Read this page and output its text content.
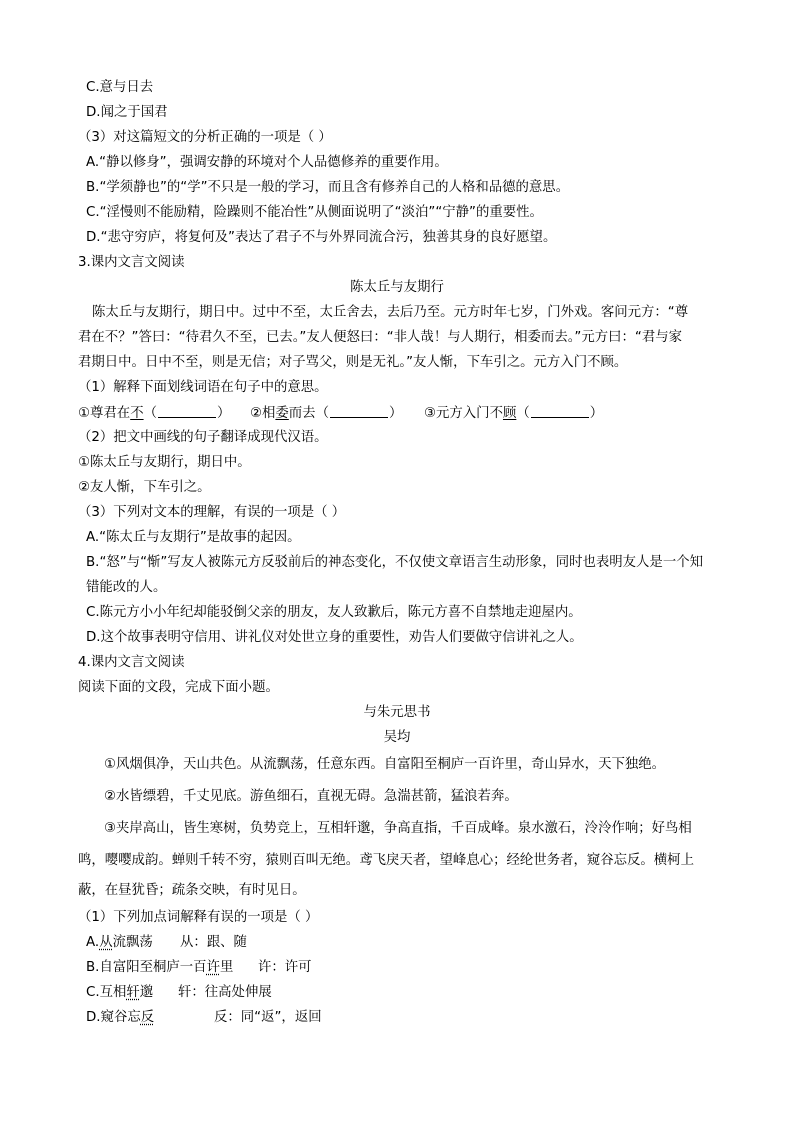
C.意与日去
D.闻之于国君
（3）对这篇短文的分析正确的一项是（ ）
A.“静以修身”，强调安静的环境对个人品德修养的重要作用。
B.“学须静也”的“学”不只是一般的学习，而且含有修养自己的人格和品德的意思。
C.“淫慢则不能励精，险躁则不能冶性”从侧面说明了“淡泊”“宁静”的重要性。
D.“悲守穷庐，将复何及”表达了君子不与外界同流合污，独善其身的良好愿望。
3.课内文言文阅读
陈太丘与友期行
陈太丘与友期行，期日中。过中不至，太丘舍去，去后乃至。元方时年七岁，门外戏。客问元方：“尊
君在不？”答曰：“待君久不至，已去。”友人便怒曰：“非人哉！与人期行，相委而去。”元方曰：“君与家
君期日中。日中不至，则是无信；对子骂父，则是无礼。”友人惭，下车引之。元方入门不顾。
（1）解释下面划线词语在句子中的意思。
①尊君在不（	） ②相委而去（	） ③元方入门不顾（	）
（2）把文中画线的句子翻译成现代汉语。
①陈太丘与友期行，期日中。
②友人惭，下车引之。
（3）下列对文本的理解，有误的一项是（ ）
A.“陈太丘与友期行”是故事的起因。
B.“怒”与“惭”写友人被陈元方反驳前后的神态变化，不仅使文章语言生动形象，同时也表明友人是一个知
错能改的人。
C.陈元方小小年纪却能驳倒父亲的朋友，友人致歉后，陈元方喜不自禁地走迎屋内。
D.这个故事表明守信用、讲礼仪对处世立身的重要性，劝告人们要做守信讲礼之人。
4.课内文言文阅读
阅读下面的文段，完成下面小题。
与朱元思书
吴均
①风烟俱净，天山共色。从流飘荡，任意东西。自富阳至桐庐一百许里，奇山异水，天下独绝。
②水皆缥碧，千丈见底。游鱼细石，直视无碍。急湍甚箭，猛浪若奔。
③夹岸高山，皆生寒树，负势竞上，互相轩邈，争高直指，千百成峰。泉水激石，泠泠作响；好鸟相
鸣，嘤嘤成韵。蝉则千转不穷，猿则百叫无绝。鸢飞戾天者，望峰息心；经纶世务者，窥谷忘反。横柯上
蔽，在昼犹昏；疏条交映，有时见日。
（1）下列加点词解释有误的一项是（ ）
A.从流飘荡 从：跟、随
B.自富阳至桐庐一百许里 许：许可
C.互相轩邈 轩：往高处伸展
D.窥谷忘反	反：同“返”，返回
